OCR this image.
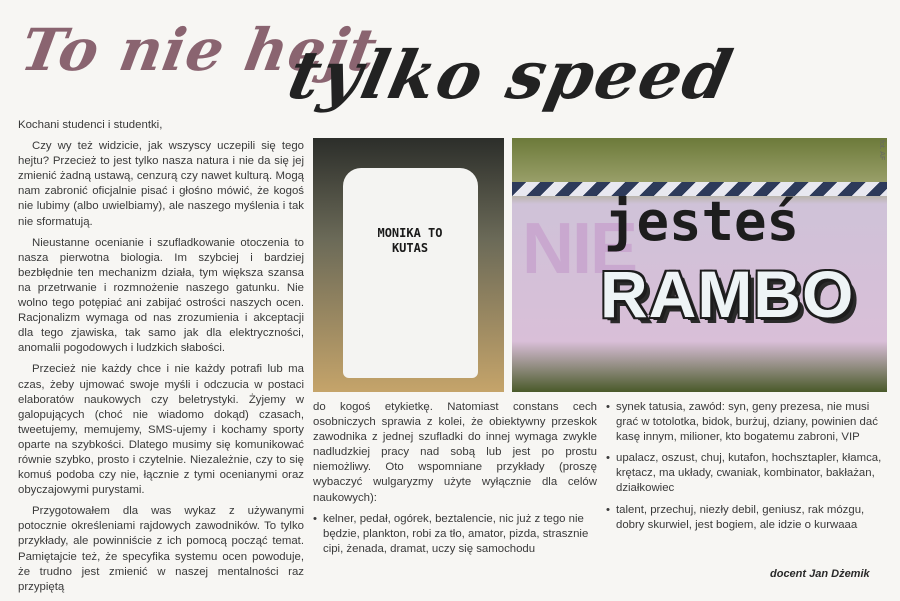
To nie hejt
tylko speed

Kochani studenci i studentki,

Czy wy też widzicie, jak wszyscy uczepili się tego hejtu? Przecież to jest tylko nasza natura i nie da się jej zmienić żadną ustawą, cenzurą czy nawet kulturą. Mogą nam zabronić oficjalnie pisać i głośno mówić, że kogoś nie lubimy (albo uwielbiamy), ale naszego myślenia i tak nie sformatują.

Nieustanne ocenianie i szufladkowanie otoczenia to nasza pierwotna biologia. Im szybciej i bardziej bezbłędnie ten mechanizm działa, tym większa szansa na przetrwanie i rozmnożenie naszego gatunku. Nie wolno tego potępiać ani zabijać ostrości naszych ocen. Racjonalizm wymaga od nas zrozumienia i akceptacji dla tego zjawiska, tak samo jak dla elektryczności, anomalii pogodowych i ludzkich słabości.

Przecież nie każdy chce i nie każdy potrafi lub ma czas, żeby ujmować swoje myśli i odczucia w postaci elaboratów naukowych czy beletrystyki. Żyjemy w galopujących (choć nie wiadomo dokąd) czasach, tweetujemy, memujemy, SMS-ujemy i kochamy sporty oparte na szybkości. Dlatego musimy się komunikować równie szybko, prosto i czytelnie. Niezależnie, czy to się komuś podoba czy nie, łącznie z tymi ocenianymi oraz obyczajowymi purystami.

Przygotowałem dla was wykaz z używanymi potocznie określeniami rajdowych zawodników. To tylko przykłady, ale powinniście z ich pomocą począć temat. Pamiętajcie też, że specyfika systemu ocen powoduje, że trudno jest zmienić w naszej mentalności raz przypiętą

MONIKA TO KUTAS NIE
jesteś
RAMBO
fot. AF

do kogoś etykietkę. Natomiast constans cech osobniczych sprawia z kolei, że obiektywny przeskok zawodnika z jednej szufladki do innej wymaga zwykle nadludzkiej pracy nad sobą lub jest po prostu niemożliwy. Oto wspomniane przykłady (proszę wybaczyć wulgaryzmy użyte wyłącznie dla celów naukowych):

• kelner, pedał, ogórek, beztalencie, nic już z tego nie będzie, plankton, robi za tło, amator, pizda, strasznie cipi, żenada, dramat, uczy się samochodu

• synek tatusia, zawód: syn, geny prezesa, nie musi grać w totolotka, bidok, burżuj, dziany, powinien dać kasę innym, milioner, kto bogatemu zabroni, VIP

• upalacz, oszust, chuj, kutafon, hochsztapler, kłamca, krętacz, ma układy, cwaniak, kombinator, bakłażan, działkowiec

• talent, przechuj, niezły debil, geniusz, rak mózgu, dobry skurwiel, jest bogiem, ale idzie o kurwaaa

docent Jan Dżemik
